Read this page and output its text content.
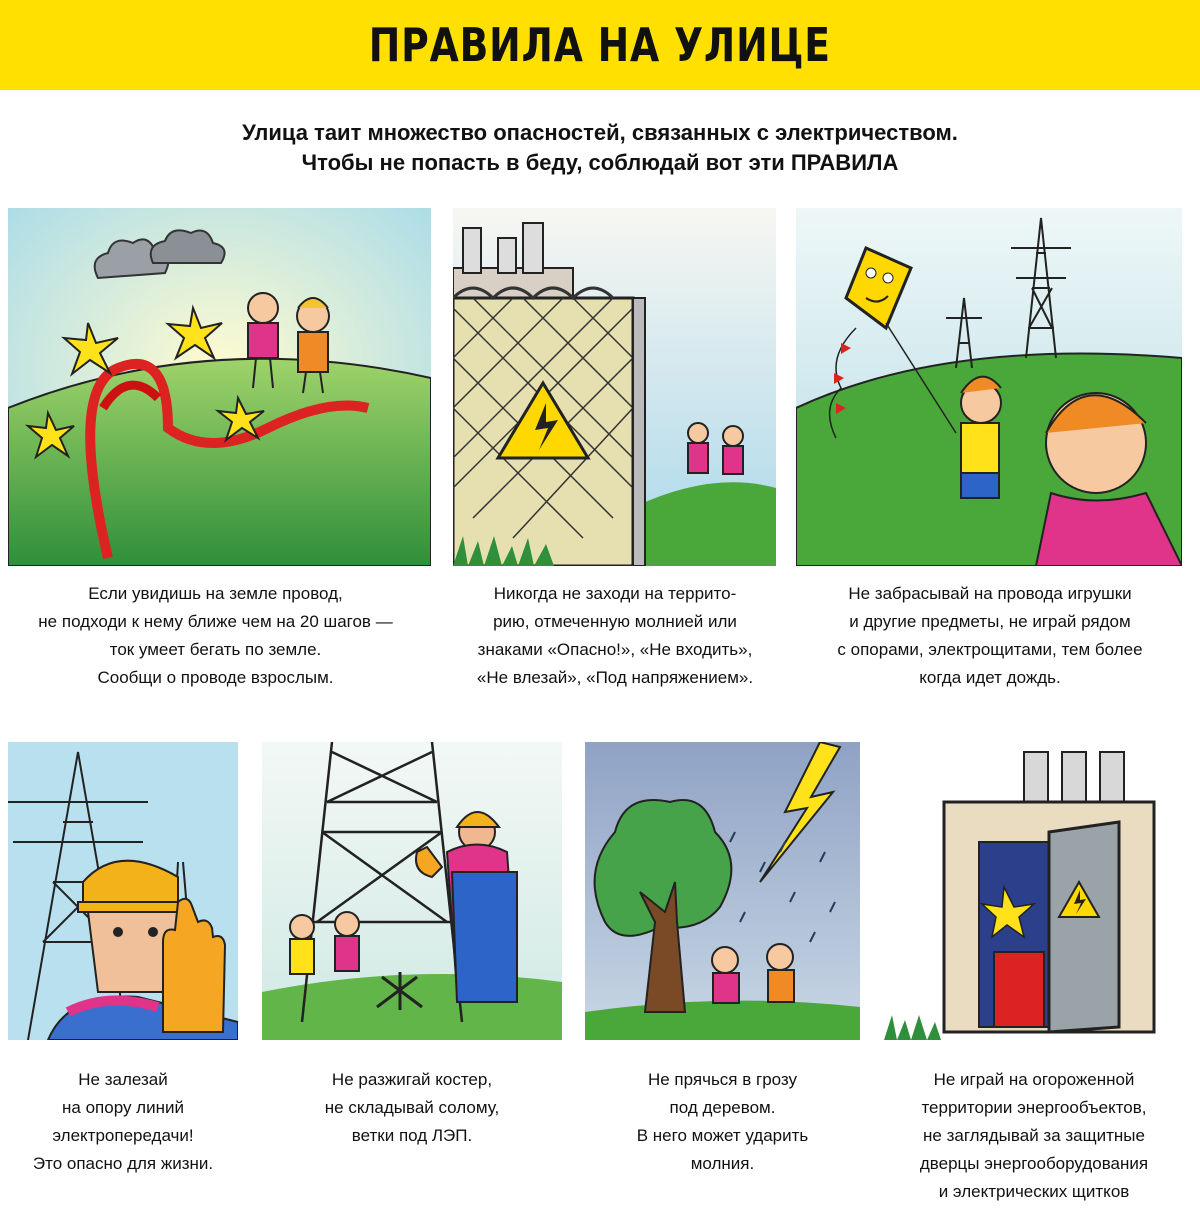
ПРАВИЛА НА УЛИЦЕ
Улица таит множество опасностей, связанных с электричеством.
Чтобы не попасть в беду, соблюдай вот эти ПРАВИЛА
Если увидишь на земле провод,
не подходи к нему ближе чем на 20 шагов —
ток умеет бегать по земле.
Сообщи о проводе взрослым.
Никогда не заходи на террито-
рию, отмеченную молнией или
знаками «Опасно!», «Не входить»,
«Не влезай», «Под напряжением».
Не забрасывай на провода игрушки
и другие предметы, не играй рядом
с опорами, электрощитами, тем более
когда идет дождь.
Не залезай
на опору линий
электропередачи!
Это опасно для жизни.
Не разжигай костер,
не складывай солому,
ветки под ЛЭП.
Не прячься в грозу
под деревом.
В него может ударить
молния.
Не играй на огороженной
территории энергообъектов,
не заглядывай за защитные
дверцы энергооборудования
и электрических щитков
